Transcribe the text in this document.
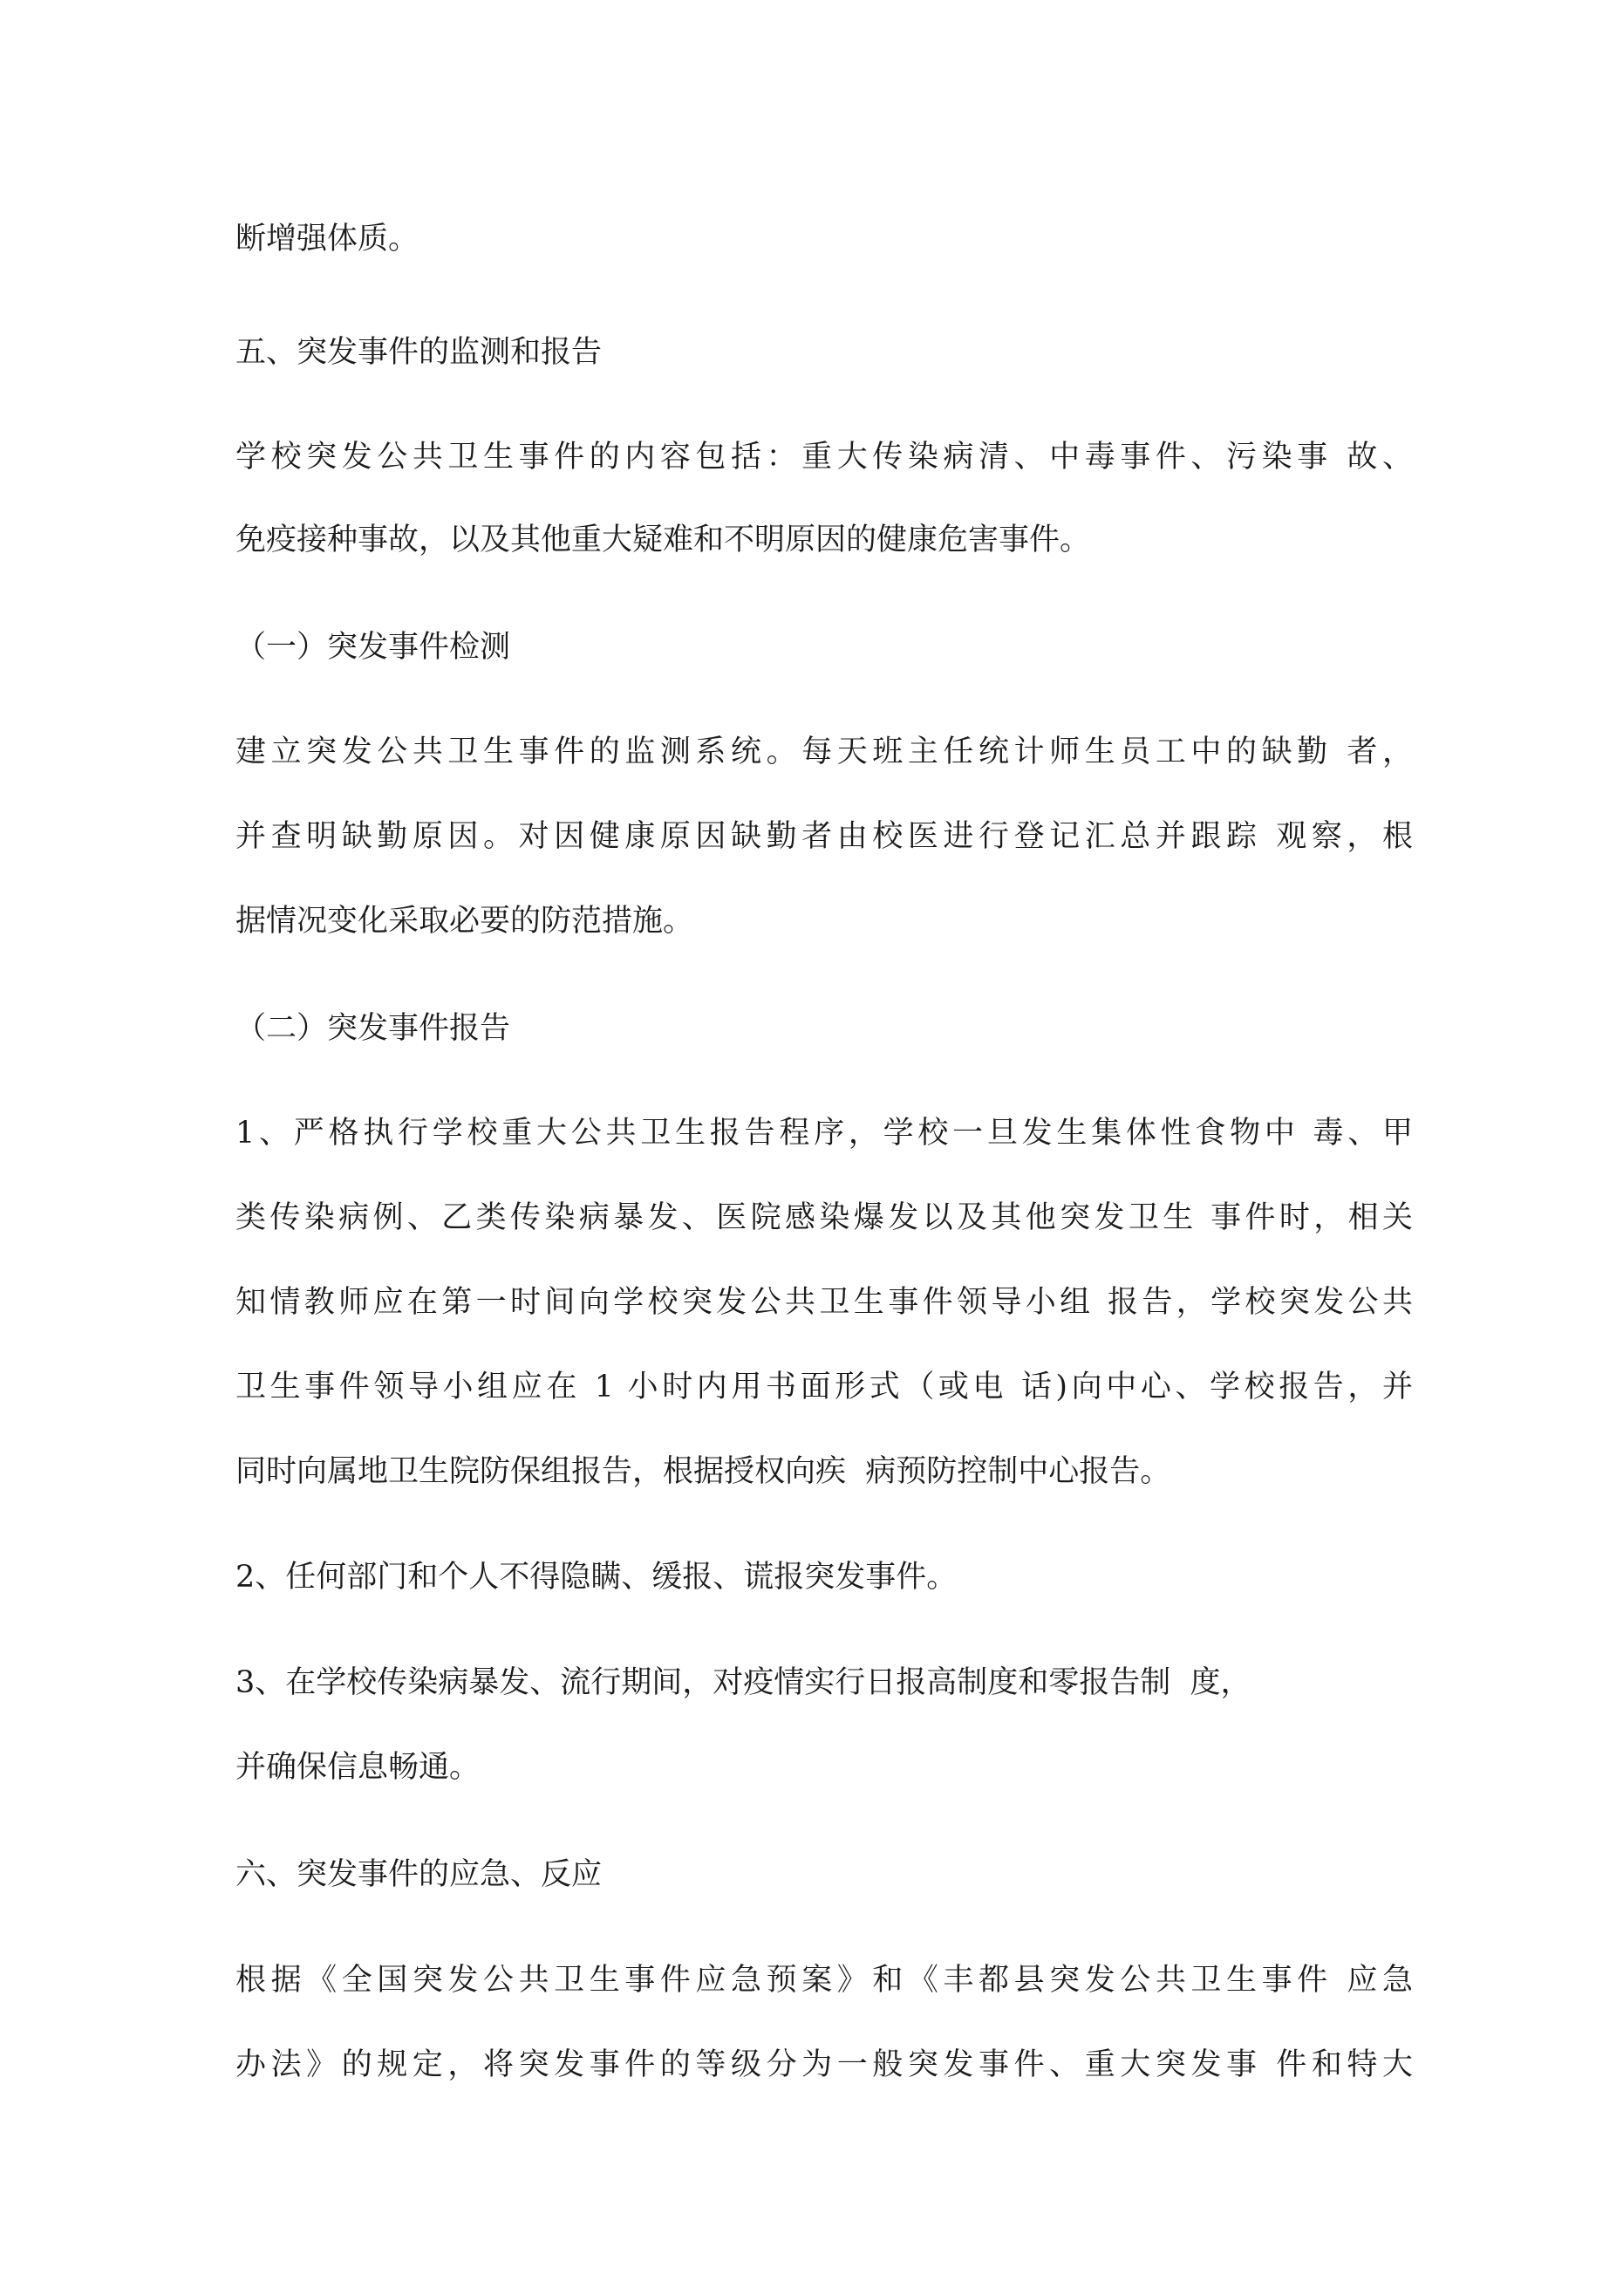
断增强体质。

五、突发事件的监测和报告

学校突发公共卫生事件的内容包括：重大传染病清、中毒事件、污染事 故、

免疫接种事故，以及其他重大疑难和不明原因的健康危害事件。

（一）突发事件检测

建立突发公共卫生事件的监测系统。每天班主任统计师生员工中的缺勤 者，

并查明缺勤原因。对因健康原因缺勤者由校医进行登记汇总并跟踪 观察，根

据情况变化采取必要的防范措施。

（二）突发事件报告

1、严格执行学校重大公共卫生报告程序，学校一旦发生集体性食物中 毒、甲

类传染病例、乙类传染病暴发、医院感染爆发以及其他突发卫生 事件时，相关

知情教师应在第一时间向学校突发公共卫生事件领导小组 报告，学校突发公共

卫生事件领导小组应在 1 小时内用书面形式（或电 话)向中心、学校报告，并

同时向属地卫生院防保组报告，根据授权向疾  病预防控制中心报告。

2、任何部门和个人不得隐瞒、缓报、谎报突发事件。

3、在学校传染病暴发、流行期间，对疫情实行日报高制度和零报告制  度，

并确保信息畅通。

六、突发事件的应急、反应

根据《全国突发公共卫生事件应急预案》和《丰都县突发公共卫生事件 应急

办法》的规定，将突发事件的等级分为一般突发事件、重大突发事 件和特大
